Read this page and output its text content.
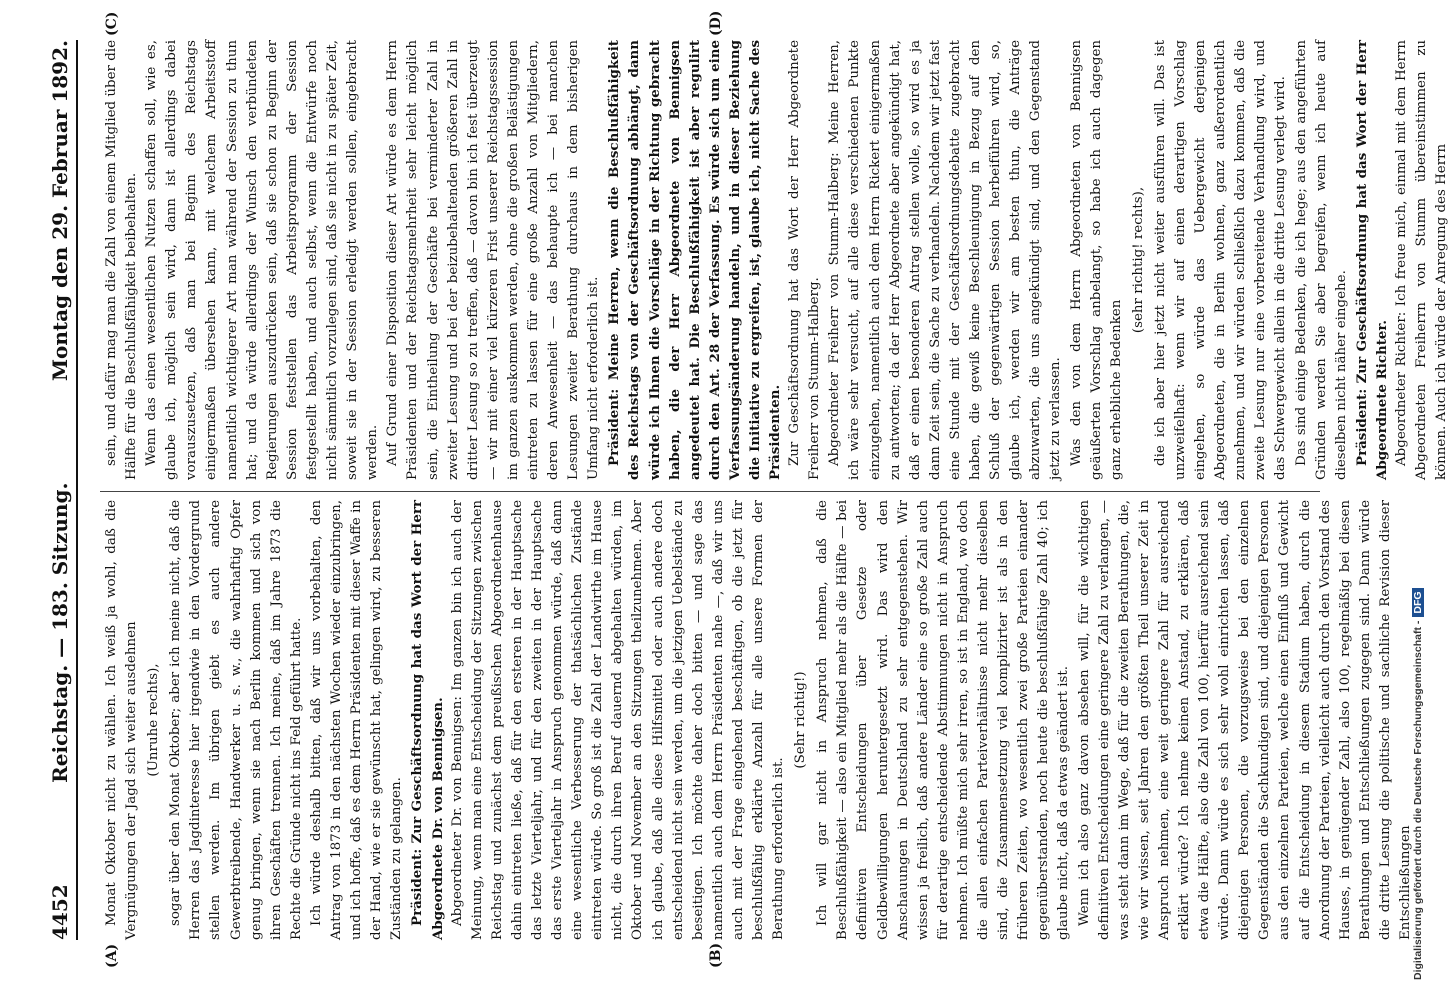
4452
Reichstag. — 183. Sitzung.
Montag den 29. Februar 1892.
(A)	(B)
(C)	(D)

Monat Oktober nicht zu wählen. Ich weiß ja wohl, daß die Vergnügungen der Jagd sich weiter ausdehnen (Unruhe rechts), sogar über den Monat Oktober; aber ich meine nicht, daß die Herren das Jagdinteresse hier irgendwie in den Vordergrund stellen werden. Im übrigen giebt es auch andere Gewerbtreibende, Handwerker u. s. w., die wahrhaftig Opfer genug bringen, wenn sie nach Berlin kommen und sich von ihren Geschäften trennen. Ich meine, daß im Jahre 1873 die Rechte die Gründe nicht ins Feld geführt hatte. Ich würde deshalb bitten, daß wir uns vorbehalten, den Antrag von 1873 in den nächsten Wochen wieder einzubringen, und ich hoffe, daß es dem Herrn Präsidenten mit dieser Waffe in der Hand, wie er sie gewünscht hat, gelingen wird, zu besseren Zuständen zu gelangen. Präsident: Zur Geschäftsordnung hat das Wort der Herr Abgeordnete Dr. von Bennigsen. Abgeordneter Dr. von Bennigsen: Im ganzen bin ich auch der Meinung, wenn man eine Entscheidung der Sitzungen zwischen Reichstag und zunächst dem preußischen Abgeordnetenhause dahin eintreten ließe, daß für den ersteren in der Hauptsache das letzte Vierteljahr, und für den zweiten in der Hauptsache das erste Vierteljahr in Anspruch genommen würde, daß dann eine wesentliche Verbesserung der thatsächlichen Zustände eintreten würde. So groß ist die Zahl der Landwirthe im Hause nicht, die durch ihren Beruf dauernd abgehalten würden, im Oktober und November an den Sitzungen theilzunehmen. Aber ich glaube, daß alle diese Hilfsmittel oder auch andere doch entscheidend nicht sein werden, um die jetzigen Uebelstände zu beseitigen. Ich möchte daher doch bitten — und sage das namentlich auch dem Herrn Präsidenten nahe —, daß wir uns auch mit der Frage eingehend beschäftigen, ob die jetzt für beschlußfähig erklärte Anzahl für alle unsere Formen der Berathung erforderlich ist.

(Sehr richtig!) Ich will gar nicht in Anspruch nehmen, daß die Beschlußfähigkeit — also ein Mitglied mehr als die Hälfte — bei definitiven Entscheidungen über Gesetze oder Geldbewilligungen heruntergesetzt wird. Das wird den Anschauungen in Deutschland zu sehr entgegenstehen. Wir wissen ja freilich, daß andere Länder eine so große Zahl auch für derartige entscheidende Abstimmungen nicht in Anspruch nehmen. Ich müßte mich sehr irren, so ist in England, wo doch die allen einfachen Parteiverhältnisse nicht mehr dieselben sind, die Zusammensetzung viel komplizirter ist als in den früheren Zeiten, wo wesentlich zwei große Parteien einander gegenüberstanden, noch heute die beschlußfähige Zahl 40; ich glaube nicht, daß da etwas geändert ist. Wenn ich also ganz davon absehen will, für die wichtigen definitiven Entscheidungen eine geringere Zahl zu verlangen, — was steht dann im Wege, daß für die zweiten Berathungen, die, wie wir wissen, seit Jahren den größten Theil unserer Zeit in Anspruch nehmen, eine weit geringere Zahl für ausreichend erklärt würde? Ich nehme keinen Anstand, zu erklären, daß etwa die Hälfte, also die Zahl von 100, hierfür ausreichend sein würde. Dann würde es sich sehr wohl einrichten lassen, daß diejenigen Personen, die vorzugsweise bei den einzelnen Gegenständen die Sachkundigen sind, und diejenigen Personen aus den einzelnen Parteien, welche einen Einfluß und Gewicht auf die Entscheidung in diesem Stadium haben, durch die Anordnung der Parteien, vielleicht auch durch den Vorstand des Hauses, in genügender Zahl, also 100, regelmäßig bei diesen Berathungen und Entschließungen zugegen sind. Dann würde die dritte Lesung die politische und sachliche Revision dieser Entschließungen

sein, und dafür mag man die Zahl von einem Mitglied über die Hälfte für die Beschlußfähigkeit beibehalten. Wenn das einen wesentlichen Nutzen schaffen soll, wie es, glaube ich, möglich sein wird, dann ist allerdings dabei vorauszusetzen, daß man bei Beginn des Reichstags einigermaßen übersehen kann, mit welchem Arbeitsstoff namentlich wichtigerer Art man während der Session zu thun hat; und da würde allerdings der Wunsch den verbündeten Regierungen auszudrücken sein, daß sie schon zu Beginn der Session feststellen das Arbeitsprogramm der Session festgestellt haben, und auch selbst, wenn die Entwürfe noch nicht sämmtlich vorzulegen sind, daß sie nicht in zu später Zeit, soweit sie in der Session erledigt werden sollen, eingebracht werden. Auf Grund einer Disposition dieser Art würde es dem Herrn Präsidenten und der Reichstagsmehrheit sehr leicht möglich sein, die Eintheilung der Geschäfte bei verminderter Zahl in zweiter Lesung und bei der beizubehaltenden größeren Zahl in dritter Lesung so zu treffen, daß — davon bin ich fest überzeugt — wir mit einer viel kürzeren Frist unserer Reichstagssession im ganzen auskommen werden, ohne die großen Belästigungen eintreten zu lassen für eine große Anzahl von Mitgliedern, deren Anwesenheit — das behaupte ich — bei manchen Lesungen zweiter Berathung durchaus in dem bisherigen Umfang nicht erforderlich ist. Präsident: Meine Herren, wenn die Beschlußfähigkeit des Reichstags von der Geschäftsordnung abhängt, dann würde ich Ihnen die Vorschläge in der Richtung gebracht haben, die der Herr Abgeordnete von Bennigsen angedeutet hat. Die Beschlußfähigkeit ist aber regulirt durch den Art. 28 der Verfassung. Es würde sich um eine Verfassungsänderung handeln, und in dieser Beziehung die Initiative zu ergreifen, ist, glaube ich, nicht Sache des Präsidenten. Zur Geschäftsordnung hat das Wort der Herr Abgeordnete Freiherr von Stumm-Halberg. Abgeordneter Freiherr von Stumm-Halberg: Meine Herren, ich wäre sehr versucht, auf alle diese verschiedenen Punkte einzugehen, namentlich auch dem Herrn Rickert einigermaßen zu antworten; da der Herr Abgeordnete aber angekündigt hat, daß er einen besonderen Antrag stellen wolle, so wird es ja dann Zeit sein, die Sache zu verhandeln. Nachdem wir jetzt fast eine Stunde mit der Geschäftsordnungsdebatte zugebracht haben, die gewiß keine Beschleunigung in Bezug auf den Schluß der gegenwärtigen Session herbeiführen wird, so, glaube ich, werden wir am besten thun, die Anträge abzuwarten, die uns angekündigt sind, und den Gegenstand jetzt zu verlassen. Was den von dem Herrn Abgeordneten von Bennigsen geäußerten Vorschlag anbelangt, so habe ich auch dagegen ganz erhebliche Bedenken

(sehr richtig! rechts), die ich aber hier jetzt nicht weiter ausführen will. Das ist unzweifelhaft: wenn wir auf einen derartigen Vorschlag eingehen, so würde das Uebergewicht derjenigen Abgeordneten, die in Berlin wohnen, ganz außerordentlich zunehmen, und wir würden schließlich dazu kommen, daß die zweite Lesung nur eine vorbereitende Verhandlung wird, und das Schwergewicht allein in die dritte Lesung verlegt wird. Das sind einige Bedenken, die ich hege; aus den angeführten Gründen werden Sie aber begreifen, wenn ich heute auf dieselben nicht näher eingehe. Präsident: Zur Geschäftsordnung hat das Wort der Herr Abgeordnete Richter. Abgeordneter Richter: Ich freue mich, einmal mit dem Herrn Abgeordneten Freiherrn von Stumm übereinstimmen zu können. Auch ich würde der Anregung des Herrn

Digitalisierung gefördert durch die Deutsche Forschungsgemeinschaft -DFG
